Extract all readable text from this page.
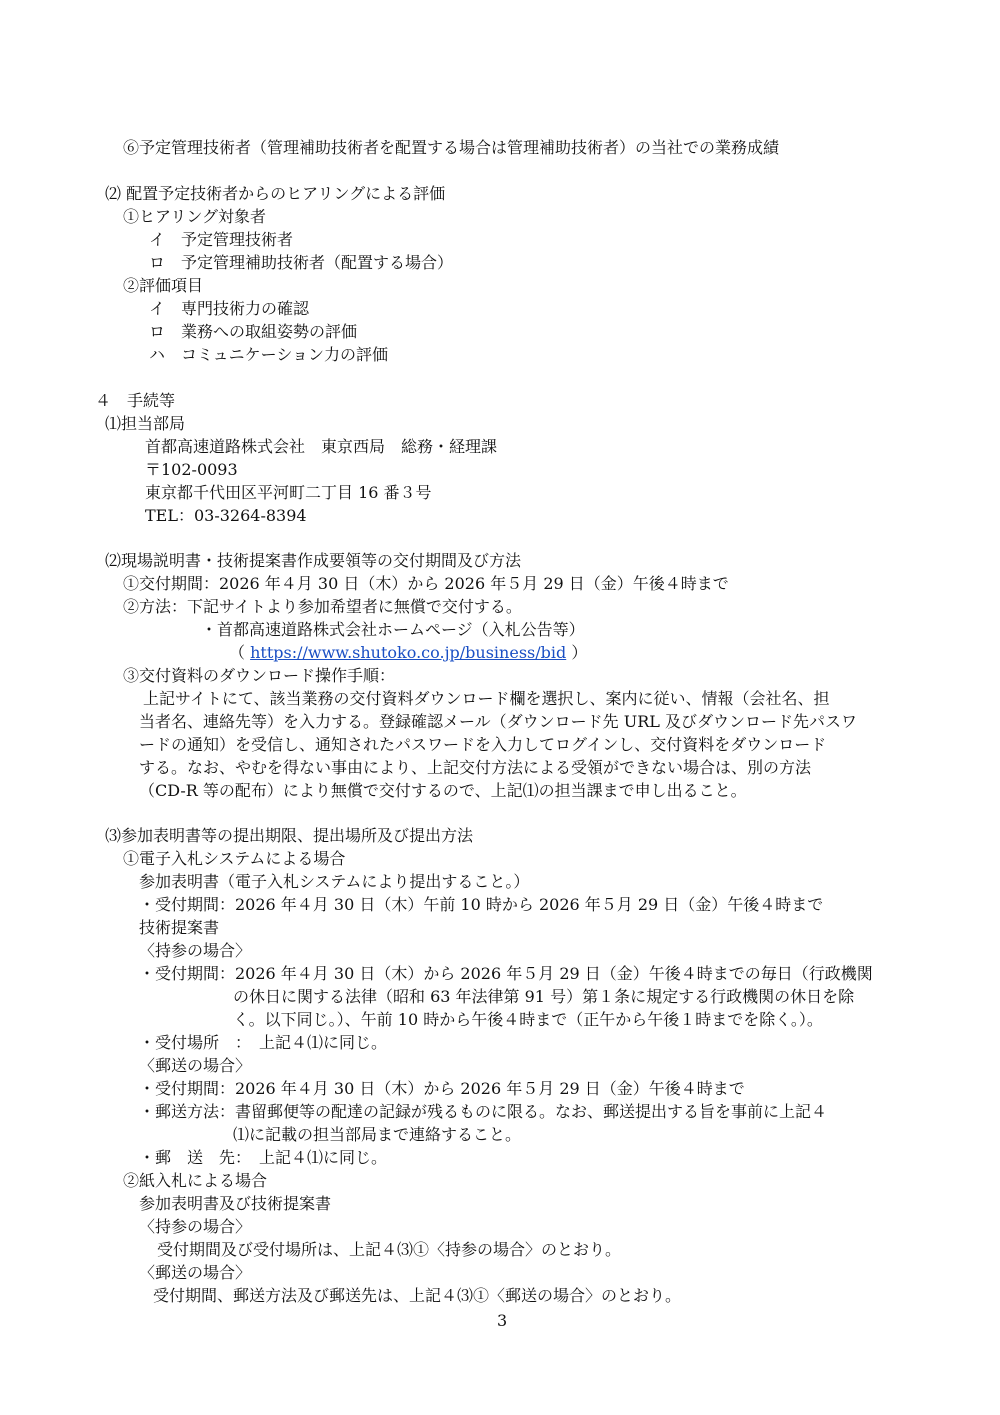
⑥予定管理技術者（管理補助技術者を配置する場合は管理補助技術者）の当社での業務成績
⑵ 配置予定技術者からのヒアリングによる評価
①ヒアリング対象者
イ　予定管理技術者
ロ　予定管理補助技術者（配置する場合）
②評価項目
イ　専門技術力の確認
ロ　業務への取組姿勢の評価
ハ　コミュニケーション力の評価
４　手続等
⑴担当部局
首都高速道路株式会社　東京西局　総務・経理課
〒102-0093
東京都千代田区平河町二丁目 16 番３号
TEL：03-3264-8394
⑵現場説明書・技術提案書作成要領等の交付期間及び方法
①交付期間：2026 年４月 30 日（木）から 2026 年５月 29 日（金）午後４時まで
②方法：下記サイトより参加希望者に無償で交付する。
・首都高速道路株式会社ホームページ（入札公告等）
（ https://www.shutoko.co.jp/business/bid ）
③交付資料のダウンロード操作手順：
上記サイトにて、該当業務の交付資料ダウンロード欄を選択し、案内に従い、情報（会社名、担
当者名、連絡先等）を入力する。登録確認メール（ダウンロード先 URL 及びダウンロード先パスワ
ードの通知）を受信し、通知されたパスワードを入力してログインし、交付資料をダウンロード
する。なお、やむを得ない事由により、上記交付方法による受領ができない場合は、別の方法
（CD-R 等の配布）により無償で交付するので、上記⑴の担当課まで申し出ること。
⑶参加表明書等の提出期限、提出場所及び提出方法
①電子入札システムによる場合
参加表明書（電子入札システムにより提出すること。）
・受付期間：2026 年４月 30 日（木）午前 10 時から 2026 年５月 29 日（金）午後４時まで
技術提案書
〈持参の場合〉
・受付期間：2026 年４月 30 日（木）から 2026 年５月 29 日（金）午後４時までの毎日（行政機関
の休日に関する法律（昭和 63 年法律第 91 号）第１条に規定する行政機関の休日を除
く。以下同じ。）、午前 10 時から午後４時まで（正午から午後１時までを除く。）。
・受付場所　：　上記４⑴に同じ。
〈郵送の場合〉
・受付期間：2026 年４月 30 日（木）から 2026 年５月 29 日（金）午後４時まで
・郵送方法：書留郵便等の配達の記録が残るものに限る。なお、郵送提出する旨を事前に上記４
⑴に記載の担当部局まで連絡すること。
・郵　送　先：　上記４⑴に同じ。
②紙入札による場合
参加表明書及び技術提案書
〈持参の場合〉
受付期間及び受付場所は、上記４⑶①〈持参の場合〉のとおり。
〈郵送の場合〉
受付期間、郵送方法及び郵送先は、上記４⑶①〈郵送の場合〉のとおり。
3
